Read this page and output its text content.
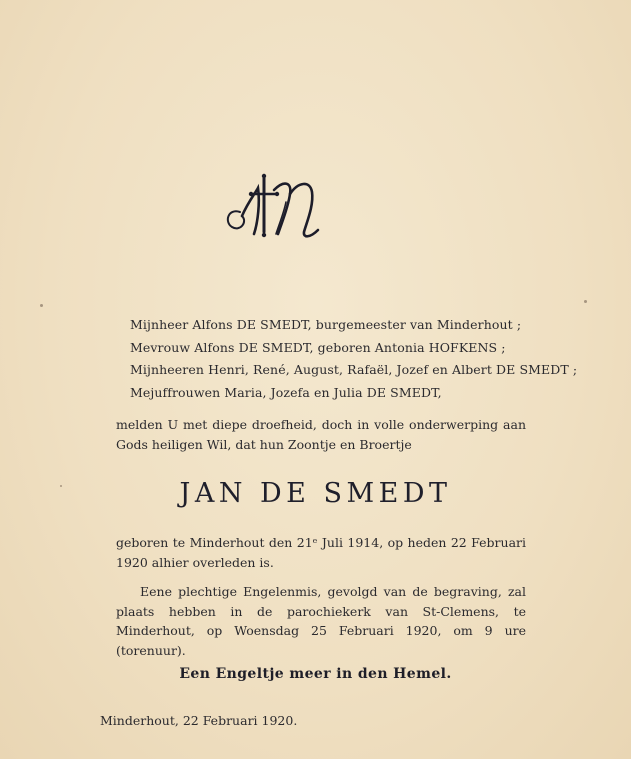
Mijnheer Alfons DE SMEDT, burgemeester van Minderhout ;
Mevrouw Alfons DE SMEDT, geboren Antonia HOFKENS ;
Mijnheeren Henri, René, August, Rafaël, Jozef en Albert DE SMEDT ;
Mejuffrouwen Maria, Jozefa en Julia DE SMEDT,
melden U met diepe droefheid, doch in volle onderwerping aan Gods heiligen Wil, dat hun Zoontje en Broertje
JAN DE SMEDT
geboren te Minderhout den 21ᵉ Juli 1914, op heden 22 Februari 1920 alhier overleden is.
Eene plechtige Engelenmis, gevolgd van de begraving, zal plaats hebben in de parochiekerk van St-Clemens, te Minderhout, op Woensdag 25 Februari 1920, om 9 ure (torenuur).
Een Engeltje meer in den Hemel.
Minderhout, 22 Februari 1920.
